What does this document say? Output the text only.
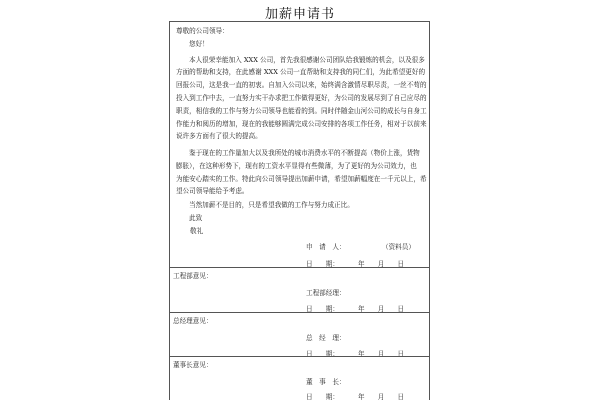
加薪申请书
尊敬的公司领导：
您好！
本人很荣幸能加入 XXX 公司，首先我很感谢公司团队给我锻炼的机会，以及很多
方面的帮助和支持，在此感谢 XXX 公司一直帮助和支持我的同仁们，为此希望更好的
回报公司，这是我一直的初衷。自加入公司以来，始终满含激情尽职尽责，一丝不苟的
投入到工作中去，一直努力实干办求把工作做得更好，为公司的发展尽到了自己应尽的
职责，相信我的工作与努力公司领导也能看的到。同时伴随金山河公司的成长与自身工
作能力和阅历的增加，现在的我能够圆满完成公司安排的各项工作任务，相对于以前来
说许多方面有了很大的提高。
鉴于现在的工作量加大以及我所处的城市消费水平的不断提高（物价上涨，货物
膨胀），在这种形势下，现有的工资水平显得有些微薄，为了更好的为公司效力，也
为能安心踏实的工作。特此向公司领导提出加薪申请，希望加薪幅度在一千元以上，希
望公司领导能给予考虑。
当然加薪不是目的，只是希望我做的工作与努力成正比。
此致
敬礼
申　请　人：	（资料员）
日　　期：	年　　月　　日
工程部意见：
工程部经理：
日　　期：	年　　月　　日
总经理意见：
总　经　理：
日　　期：	年　　月　　日
董事长意见：
董　事　长：
日　　期：	年　　月　　日
